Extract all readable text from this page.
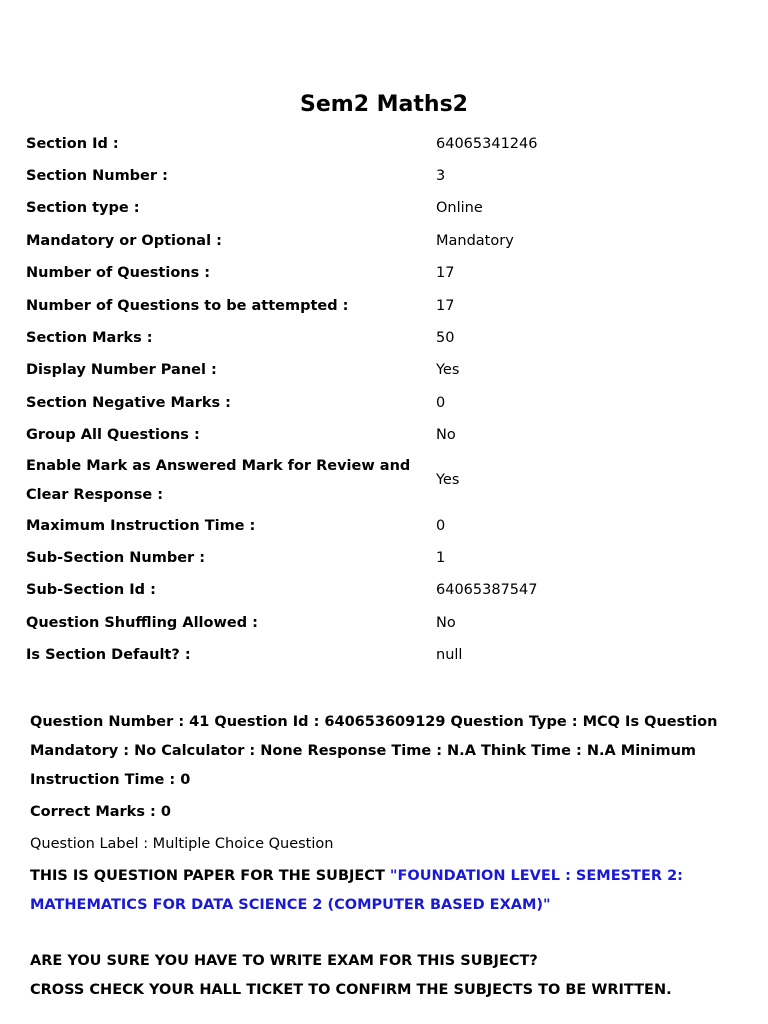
Sem2 Maths2
Section Id :	64065341246
Section Number :	3
Section type :	Online
Mandatory or Optional :	Mandatory
Number of Questions :	17
Number of Questions to be attempted :	17
Section Marks :	50
Display Number Panel :	Yes
Section Negative Marks :	0
Group All Questions :	No
Enable Mark as Answered Mark for Review and Clear Response :	Yes
Maximum Instruction Time :	0
Sub-Section Number :	1
Sub-Section Id :	64065387547
Question Shuffling Allowed :	No
Is Section Default? :	null
Question Number : 41 Question Id : 640653609129 Question Type : MCQ Is Question Mandatory : No Calculator : None Response Time : N.A Think Time : N.A Minimum Instruction Time : 0
Correct Marks : 0
Question Label : Multiple Choice Question
THIS IS QUESTION PAPER FOR THE SUBJECT "FOUNDATION LEVEL : SEMESTER 2: MATHEMATICS FOR DATA SCIENCE 2 (COMPUTER BASED EXAM)"
ARE YOU SURE YOU HAVE TO WRITE EXAM FOR THIS SUBJECT?
CROSS CHECK YOUR HALL TICKET TO CONFIRM THE SUBJECTS TO BE WRITTEN.
